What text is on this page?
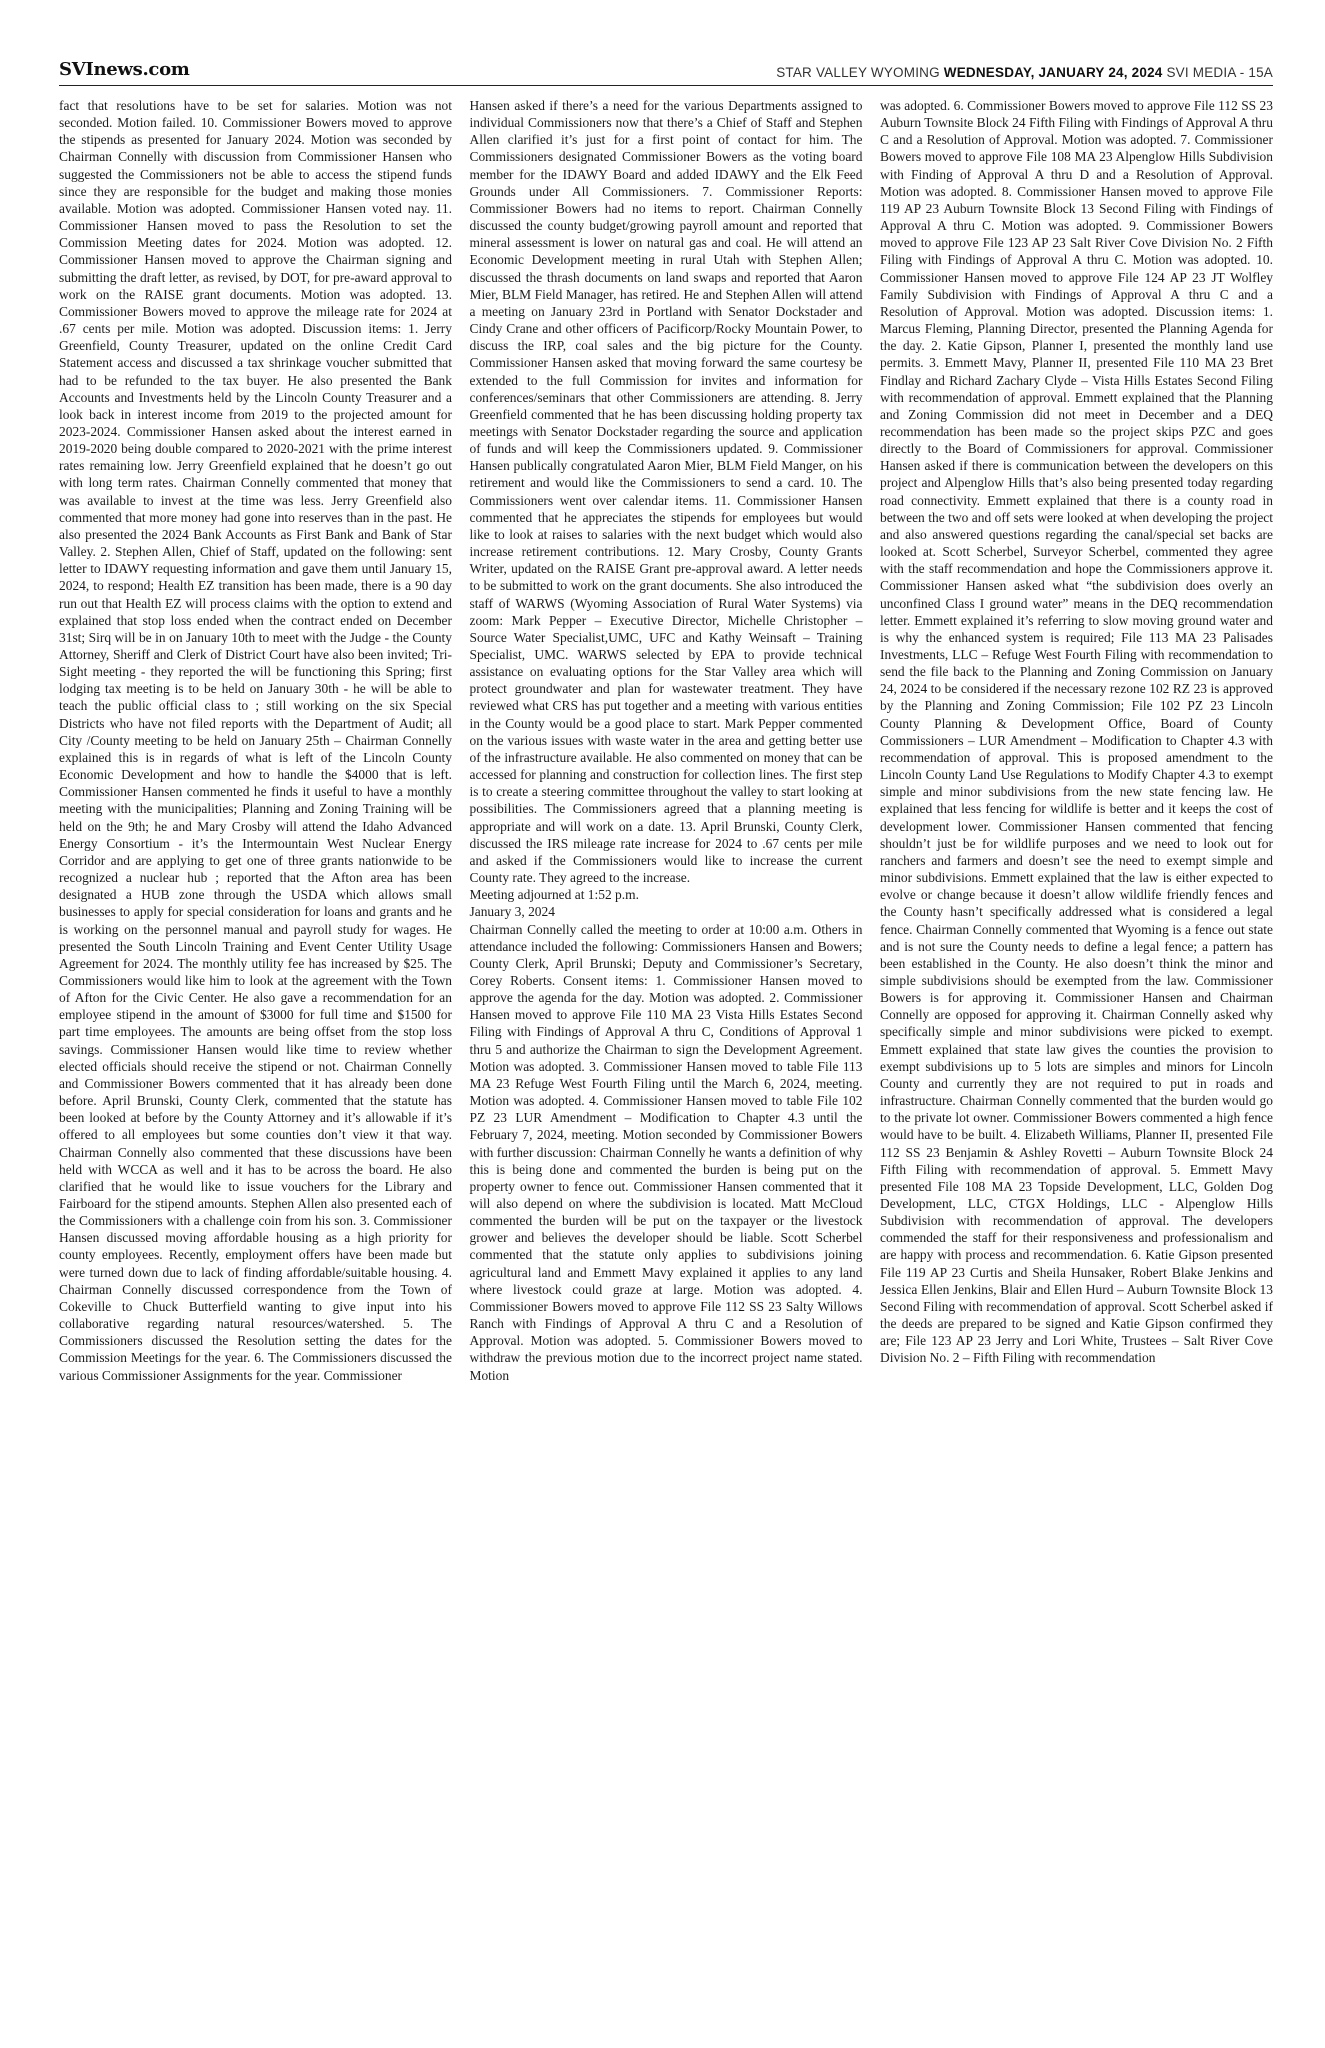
SVInews.com	STAR VALLEY WYOMING WEDNESDAY, JANUARY 24, 2024 SVI MEDIA - 15A

fact that resolutions have to be set for salaries. Motion was not seconded. Motion failed. 10. Commissioner Bowers moved to approve the stipends as presented for January 2024. Motion was seconded by Chairman Connelly with discussion from Commissioner Hansen who suggested the Commissioners not be able to access the stipend funds since they are responsible for the budget and making those monies available. Motion was adopted. Commissioner Hansen voted nay. 11. Commissioner Hansen moved to pass the Resolution to set the Commission Meeting dates for 2024. Motion was adopted. 12. Commissioner Hansen moved to approve the Chairman signing and submitting the draft letter, as revised, by DOT, for pre-award approval to work on the RAISE grant documents. Motion was adopted. 13. Commissioner Bowers moved to approve the mileage rate for 2024 at .67 cents per mile. Motion was adopted. Discussion items: 1. Jerry Greenfield, County Treasurer, updated on the online Credit Card Statement access and discussed a tax shrinkage voucher submitted that had to be refunded to the tax buyer. He also presented the Bank Accounts and Investments held by the Lincoln County Treasurer and a look back in interest income from 2019 to the projected amount for 2023-2024. Commissioner Hansen asked about the interest earned in 2019-2020 being double compared to 2020-2021 with the prime interest rates remaining low. Jerry Greenfield explained that he doesn’t go out with long term rates. Chairman Connelly commented that money that was available to invest at the time was less. Jerry Greenfield also commented that more money had gone into reserves than in the past. He also presented the 2024 Bank Accounts as First Bank and Bank of Star Valley. 2. Stephen Allen, Chief of Staff, updated on the following: sent letter to IDAWY requesting information and gave them until January 15, 2024, to respond; Health EZ transition has been made, there is a 90 day run out that Health EZ will process claims with the option to extend and explained that stop loss ended when the contract ended on December 31st; Sirq will be in on January 10th to meet with the Judge - the County Attorney, Sheriff and Clerk of District Court have also been invited; Tri-Sight meeting - they reported the will be functioning this Spring; first lodging tax meeting is to be held on January 30th - he will be able to teach the public official class to ; still working on the six Special Districts who have not filed reports with the Department of Audit; all City /County meeting to be held on January 25th – Chairman Connelly explained this is in regards of what is left of the Lincoln County Economic Development and how to handle the $4000 that is left. Commissioner Hansen commented he finds it useful to have a monthly meeting with the municipalities; Planning and Zoning Training will be held on the 9th; he and Mary Crosby will attend the Idaho Advanced Energy Consortium - it’s the Intermountain West Nuclear Energy Corridor and are applying to get one of three grants nationwide to be recognized a nuclear hub ; reported that the Afton area has been designated a HUB zone through the USDA which allows small businesses to apply for special consideration for loans and grants and he is working on the personnel manual and payroll study for wages. He presented the South Lincoln Training and Event Center Utility Usage Agreement for 2024. The monthly utility fee has increased by $25. The Commissioners would like him to look at the agreement with the Town of Afton for the Civic Center. He also gave a recommendation for an employee stipend in the amount of $3000 for full time and $1500 for part time employees. The amounts are being offset from the stop loss savings. Commissioner Hansen would like time to review whether elected officials should receive the stipend or not. Chairman Connelly and Commissioner Bowers commented that it has already been done before. April Brunski, County Clerk, commented that the statute has been looked at before by the County Attorney and it’s allowable if it’s offered to all employees but some counties don’t view it that way. Chairman Connelly also commented that these discussions have been held with WCCA as well and it has to be across the board. He also clarified that he would like to issue vouchers for the Library and Fairboard for the stipend amounts. Stephen Allen also presented each of the Commissioners with a challenge coin from his son. 3. Commissioner Hansen discussed moving affordable housing as a high priority for county employees. Recently, employment offers have been made but were turned down due to lack of finding affordable/suitable housing. 4. Chairman Connelly discussed correspondence from the Town of Cokeville to Chuck Butterfield wanting to give input into his collaborative regarding natural resources/watershed. 5. The Commissioners discussed the Resolution setting the dates for the Commission Meetings for the year. 6. The Commissioners discussed the various Commissioner Assignments for the year. Commissioner

Hansen asked if there’s a need for the various Departments assigned to individual Commissioners now that there’s a Chief of Staff and Stephen Allen clarified it’s just for a first point of contact for him. The Commissioners designated Commissioner Bowers as the voting board member for the IDAWY Board and added IDAWY and the Elk Feed Grounds under All Commissioners. 7. Commissioner Reports: Commissioner Bowers had no items to report. Chairman Connelly discussed the county budget/growing payroll amount and reported that mineral assessment is lower on natural gas and coal. He will attend an Economic Development meeting in rural Utah with Stephen Allen; discussed the thrash documents on land swaps and reported that Aaron Mier, BLM Field Manager, has retired. He and Stephen Allen will attend a meeting on January 23rd in Portland with Senator Dockstader and Cindy Crane and other officers of Pacificorp/Rocky Mountain Power, to discuss the IRP, coal sales and the big picture for the County. Commissioner Hansen asked that moving forward the same courtesy be extended to the full Commission for invites and information for conferences/seminars that other Commissioners are attending. 8. Jerry Greenfield commented that he has been discussing holding property tax meetings with Senator Dockstader regarding the source and application of funds and will keep the Commissioners updated. 9. Commissioner Hansen publically congratulated Aaron Mier, BLM Field Manger, on his retirement and would like the Commissioners to send a card. 10. The Commissioners went over calendar items. 11. Commissioner Hansen commented that he appreciates the stipends for employees but would like to look at raises to salaries with the next budget which would also increase retirement contributions. 12. Mary Crosby, County Grants Writer, updated on the RAISE Grant pre-approval award. A letter needs to be submitted to work on the grant documents. She also introduced the staff of WARWS (Wyoming Association of Rural Water Systems) via zoom: Mark Pepper – Executive Director, Michelle Christopher – Source Water Specialist,UMC, UFC and Kathy Weinsaft – Training Specialist, UMC. WARWS selected by EPA to provide technical assistance on evaluating options for the Star Valley area which will protect groundwater and plan for wastewater treatment. They have reviewed what CRS has put together and a meeting with various entities in the County would be a good place to start. Mark Pepper commented on the various issues with waste water in the area and getting better use of the infrastructure available. He also commented on money that can be accessed for planning and construction for collection lines. The first step is to create a steering committee throughout the valley to start looking at possibilities. The Commissioners agreed that a planning meeting is appropriate and will work on a date. 13. April Brunski, County Clerk, discussed the IRS mileage rate increase for 2024 to .67 cents per mile and asked if the Commissioners would like to increase the current County rate. They agreed to the increase.

Meeting adjourned at 1:52 p.m.

January 3, 2024

Chairman Connelly called the meeting to order at 10:00 a.m. Others in attendance included the following: Commissioners Hansen and Bowers; County Clerk, April Brunski; Deputy and Commissioner’s Secretary, Corey Roberts. Consent items: 1. Commissioner Hansen moved to approve the agenda for the day. Motion was adopted. 2. Commissioner Hansen moved to approve File 110 MA 23 Vista Hills Estates Second Filing with Findings of Approval A thru C, Conditions of Approval 1 thru 5 and authorize the Chairman to sign the Development Agreement. Motion was adopted. 3. Commissioner Hansen moved to table File 113 MA 23 Refuge West Fourth Filing until the March 6, 2024, meeting. Motion was adopted. 4. Commissioner Hansen moved to table File 102 PZ 23 LUR Amendment – Modification to Chapter 4.3 until the February 7, 2024, meeting. Motion seconded by Commissioner Bowers with further discussion: Chairman Connelly he wants a definition of why this is being done and commented the burden is being put on the property owner to fence out. Commissioner Hansen commented that it will also depend on where the subdivision is located. Matt McCloud commented the burden will be put on the taxpayer or the livestock grower and believes the developer should be liable. Scott Scherbel commented that the statute only applies to subdivisions joining agricultural land and Emmett Mavy explained it applies to any land where livestock could graze at large. Motion was adopted. 4. Commissioner Bowers moved to approve File 112 SS 23 Salty Willows Ranch with Findings of Approval A thru C and a Resolution of Approval. Motion was adopted. 5. Commissioner Bowers moved to withdraw the previous motion due to the incorrect project name stated. Motion

was adopted. 6. Commissioner Bowers moved to approve File 112 SS 23 Auburn Townsite Block 24 Fifth Filing with Findings of Approval A thru C and a Resolution of Approval. Motion was adopted. 7. Commissioner Bowers moved to approve File 108 MA 23 Alpenglow Hills Subdivision with Finding of Approval A thru D and a Resolution of Approval. Motion was adopted. 8. Commissioner Hansen moved to approve File 119 AP 23 Auburn Townsite Block 13 Second Filing with Findings of Approval A thru C. Motion was adopted. 9. Commissioner Bowers moved to approve File 123 AP 23 Salt River Cove Division No. 2 Fifth Filing with Findings of Approval A thru C. Motion was adopted. 10. Commissioner Hansen moved to approve File 124 AP 23 JT Wolfley Family Subdivision with Findings of Approval A thru C and a Resolution of Approval. Motion was adopted. Discussion items: 1. Marcus Fleming, Planning Director, presented the Planning Agenda for the day. 2. Katie Gipson, Planner I, presented the monthly land use permits. 3. Emmett Mavy, Planner II, presented File 110 MA 23 Bret Findlay and Richard Zachary Clyde – Vista Hills Estates Second Filing with recommendation of approval. Emmett explained that the Planning and Zoning Commission did not meet in December and a DEQ recommendation has been made so the project skips PZC and goes directly to the Board of Commissioners for approval. Commissioner Hansen asked if there is communication between the developers on this project and Alpenglow Hills that’s also being presented today regarding road connectivity. Emmett explained that there is a county road in between the two and off sets were looked at when developing the project and also answered questions regarding the canal/special set backs are looked at. Scott Scherbel, Surveyor Scherbel, commented they agree with the staff recommendation and hope the Commissioners approve it. Commissioner Hansen asked what “the subdivision does overly an unconfined Class I ground water” means in the DEQ recommendation letter. Emmett explained it’s referring to slow moving ground water and is why the enhanced system is required; File 113 MA 23 Palisades Investments, LLC – Refuge West Fourth Filing with recommendation to send the file back to the Planning and Zoning Commission on January 24, 2024 to be considered if the necessary rezone 102 RZ 23 is approved by the Planning and Zoning Commission; File 102 PZ 23 Lincoln County Planning & Development Office, Board of County Commissioners – LUR Amendment – Modification to Chapter 4.3 with recommendation of approval. This is proposed amendment to the Lincoln County Land Use Regulations to Modify Chapter 4.3 to exempt simple and minor subdivisions from the new state fencing law. He explained that less fencing for wildlife is better and it keeps the cost of development lower. Commissioner Hansen commented that fencing shouldn’t just be for wildlife purposes and we need to look out for ranchers and farmers and doesn’t see the need to exempt simple and minor subdivisions. Emmett explained that the law is either expected to evolve or change because it doesn’t allow wildlife friendly fences and the County hasn’t specifically addressed what is considered a legal fence. Chairman Connelly commented that Wyoming is a fence out state and is not sure the County needs to define a legal fence; a pattern has been established in the County. He also doesn’t think the minor and simple subdivisions should be exempted from the law. Commissioner Bowers is for approving it. Commissioner Hansen and Chairman Connelly are opposed for approving it. Chairman Connelly asked why specifically simple and minor subdivisions were picked to exempt. Emmett explained that state law gives the counties the provision to exempt subdivisions up to 5 lots are simples and minors for Lincoln County and currently they are not required to put in roads and infrastructure. Chairman Connelly commented that the burden would go to the private lot owner. Commissioner Bowers commented a high fence would have to be built. 4. Elizabeth Williams, Planner II, presented File 112 SS 23 Benjamin & Ashley Rovetti – Auburn Townsite Block 24 Fifth Filing with recommendation of approval. 5. Emmett Mavy presented File 108 MA 23 Topside Development, LLC, Golden Dog Development, LLC, CTGX Holdings, LLC - Alpenglow Hills Subdivision with recommendation of approval. The developers commended the staff for their responsiveness and professionalism and are happy with process and recommendation. 6. Katie Gipson presented File 119 AP 23 Curtis and Sheila Hunsaker, Robert Blake Jenkins and Jessica Ellen Jenkins, Blair and Ellen Hurd – Auburn Townsite Block 13 Second Filing with recommendation of approval. Scott Scherbel asked if the deeds are prepared to be signed and Katie Gipson confirmed they are; File 123 AP 23 Jerry and Lori White, Trustees – Salt River Cove Division No. 2 – Fifth Filing with recommendation
